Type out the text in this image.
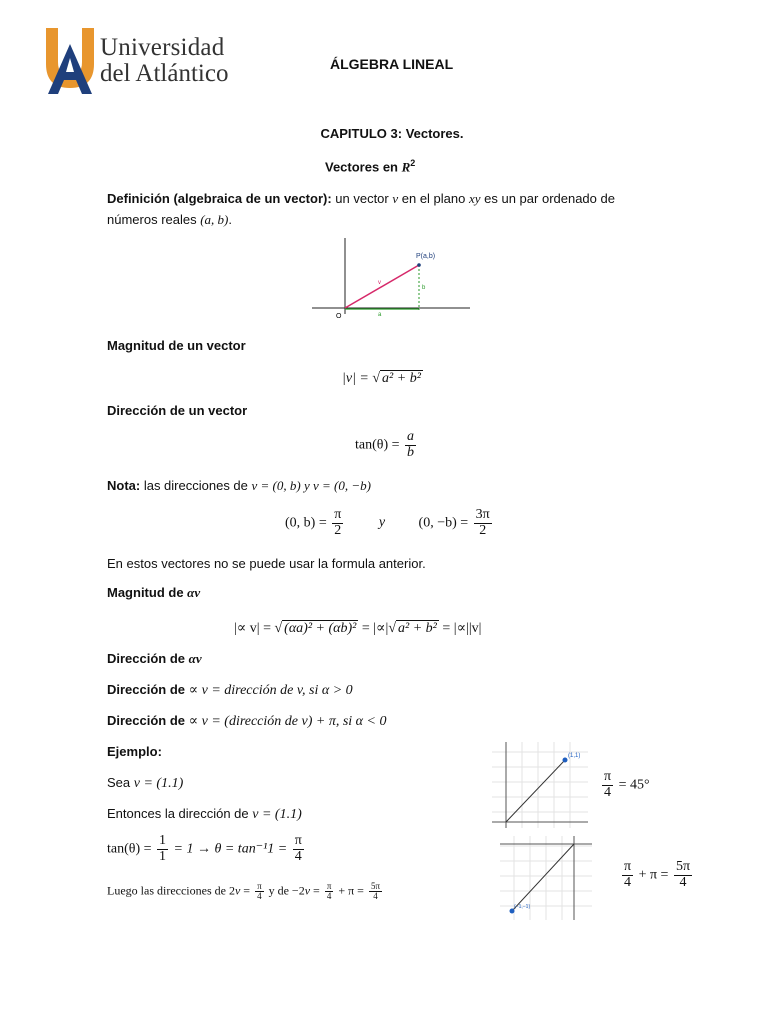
Universidad
del Atlántico	ÁLGEBRA LINEAL
CAPITULO 3: Vectores.
Vectores en $R^2$
Definición (algebraica de un vector): un vector v en el plano xy es un par ordenado de
números reales (a, b).
P(a,b)
O	a
b
v
Magnitud de un vector
|v| = √ a² + b²
Dirección de un vector
$\tan(\theta) = \frac{a}{b}$
Nota: las direcciones de v = (0, b) y v = (0, −b)
(0, $b) = \frac{\pi}{2}$	y (0, $-b) = \frac{3\pi}{2}$
En estos vectores no se puede usar la formula anterior.
Magnitud de αv
|∝ v| = √ (αa)² + (αb)² = |∝|√ a² + b² = |∝||v|
Dirección de αv
Dirección de ∝ v = dirección de v, si α > 0
Dirección de ∝ v = (dirección de v) + π, si α < 0
Ejemplo:
Sea v = (1.1)
Entonces la dirección de v = (1.1)
$\tan(\theta) = \frac{1}{1} = 1 \to \theta = \tan^{-1}1 = \frac{\pi}{4}$
Luego las direcciones de $2v = \frac{\pi}{4}$ y de $-2v = \frac{\pi}{4} + \pi = \frac{5\pi}{4}$
(1,1)
$\frac{\pi}{4} = 45^\circ$
(−1,−1)
$\frac{\pi}{4} + \pi = \frac{5\pi}{4}$
